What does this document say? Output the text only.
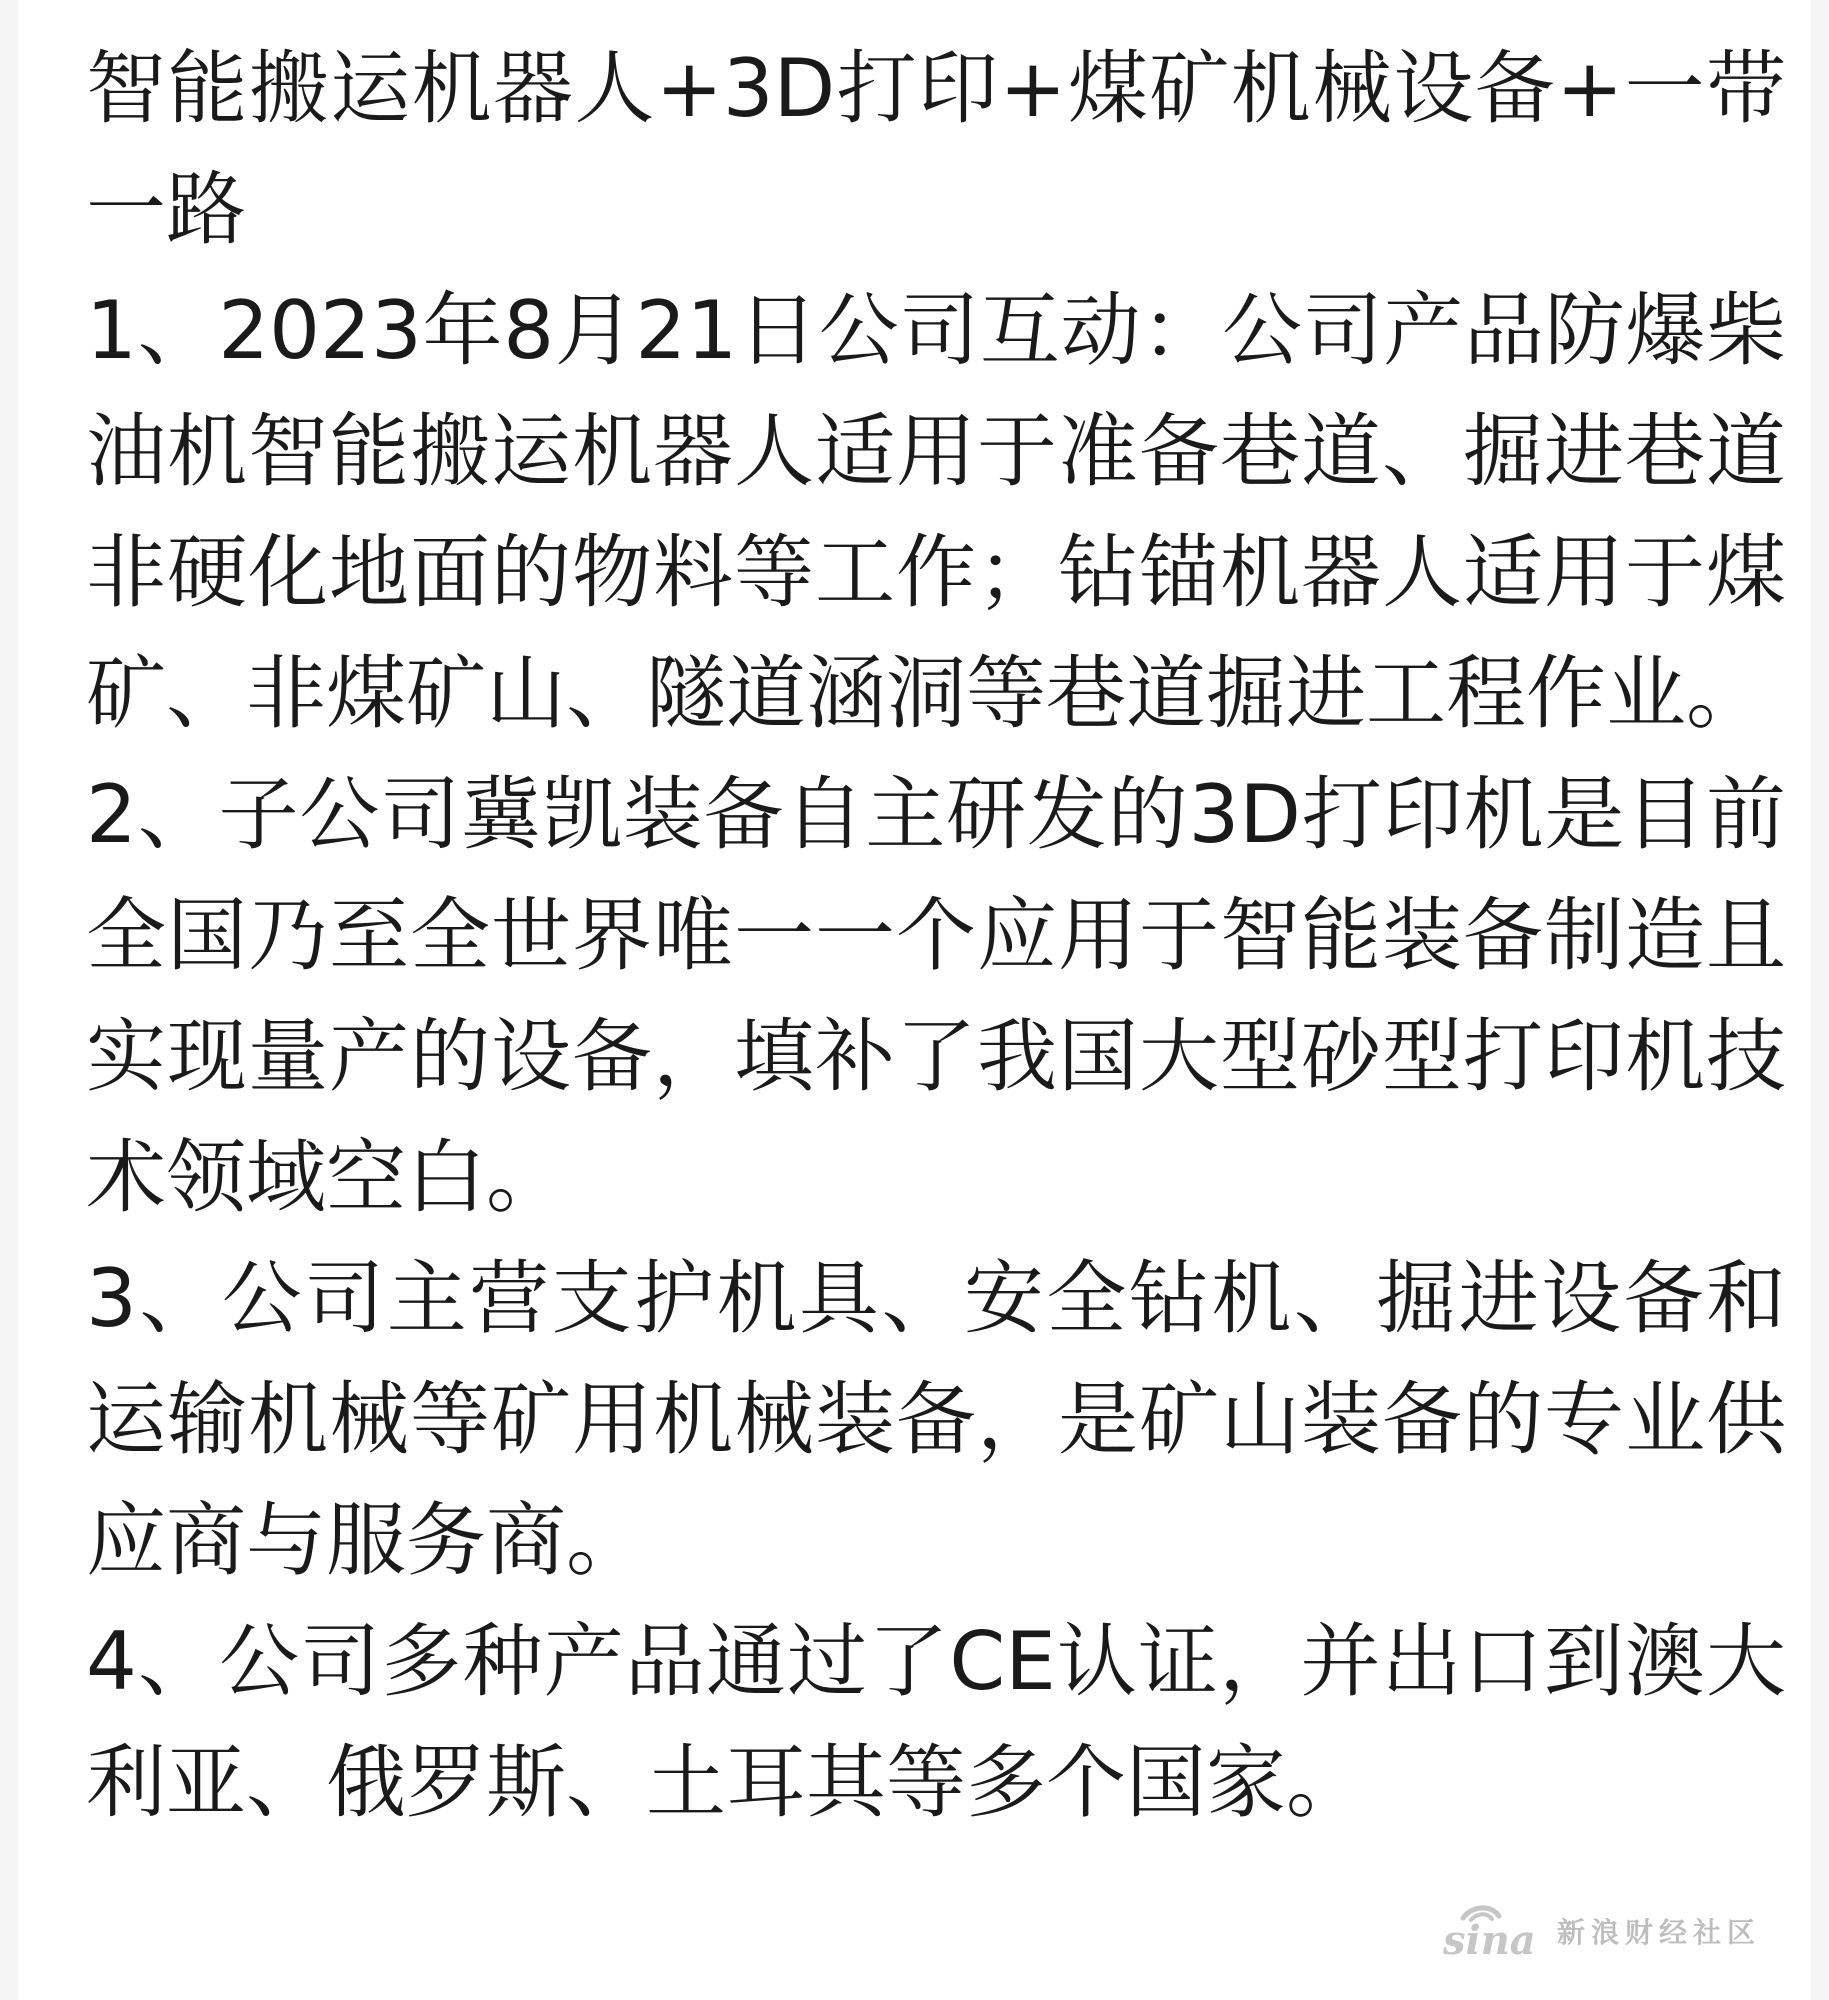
智能搬运机器人+3D打印+煤矿机械设备+一带一路

1、2023年8月21日公司互动：公司产品防爆柴油机智能搬运机器人适用于准备巷道、掘进巷道非硬化地面的物料等工作；钻锚机器人适用于煤矿、非煤矿山、隧道涵洞等巷道掘进工程作业。

2、子公司冀凯装备自主研发的3D打印机是目前全国乃至全世界唯一一个应用于智能装备制造且实现量产的设备，填补了我国大型砂型打印机技术领域空白。

3、公司主营支护机具、安全钻机、掘进设备和运输机械等矿用机械装备，是矿山装备的专业供应商与服务商。

4、公司多种产品通过了CE认证，并出口到澳大利亚、俄罗斯、土耳其等多个国家。

sina 新浪财经社区
